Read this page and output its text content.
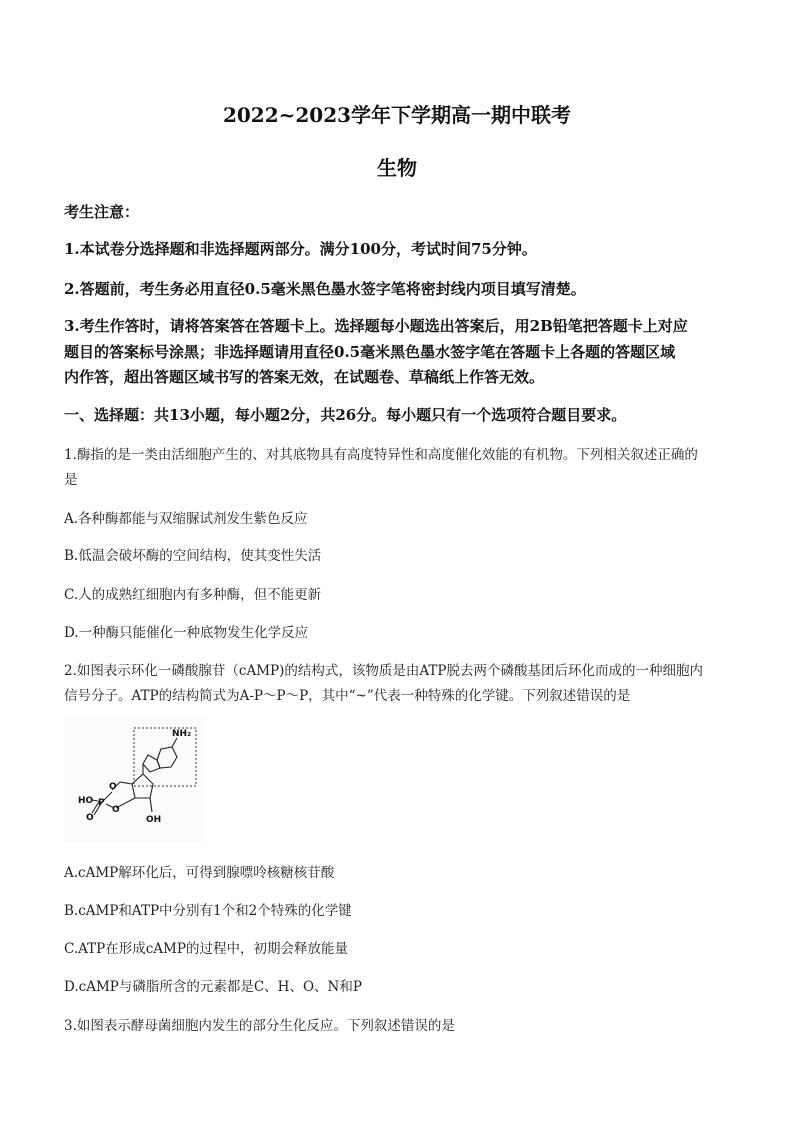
2022~2023学年下学期高一期中联考
生物
考生注意：
1.本试卷分选择题和非选择题两部分。满分100分，考试时间75分钟。
2.答题前，考生务必用直径0.5毫米黑色墨水签字笔将密封线内项目填写清楚。
3.考生作答时，请将答案答在答题卡上。选择题每小题选出答案后，用2B铅笔把答题卡上对应
题目的答案标号涂黑；非选择题请用直径0.5毫米黑色墨水签字笔在答题卡上各题的答题区域
内作答，超出答题区域书写的答案无效，在试题卷、草稿纸上作答无效。
一、选择题：共13小题，每小题2分，共26分。每小题只有一个选项符合题目要求。
1.酶指的是一类由活细胞产生的、对其底物具有高度特异性和高度催化效能的有机物。下列相关叙述正确的
是
A.各种酶都能与双缩脲试剂发生紫色反应
B.低温会破坏酶的空间结构，使其变性失活
C.人的成熟红细胞内有多种酶，但不能更新
D.一种酶只能催化一种底物发生化学反应
2.如图表示环化一磷酸腺苷（cAMP)的结构式，该物质是由ATP脱去两个磷酸基团后环化而成的一种细胞内
信号分子。ATP的结构简式为A-P～P～P，其中“~”代表一种特殊的化学键。下列叙述错误的是
NH₂
HO P
O
O
O	OH
A.cAMP解环化后，可得到腺嘌呤核糖核苷酸
B.cAMP和ATP中分别有1个和2个特殊的化学键
C.ATP在形成cAMP的过程中，初期会释放能量
D.cAMP与磷脂所含的元素都是C、H、O、N和P
3.如图表示酵母菌细胞内发生的部分生化反应。下列叙述错误的是
